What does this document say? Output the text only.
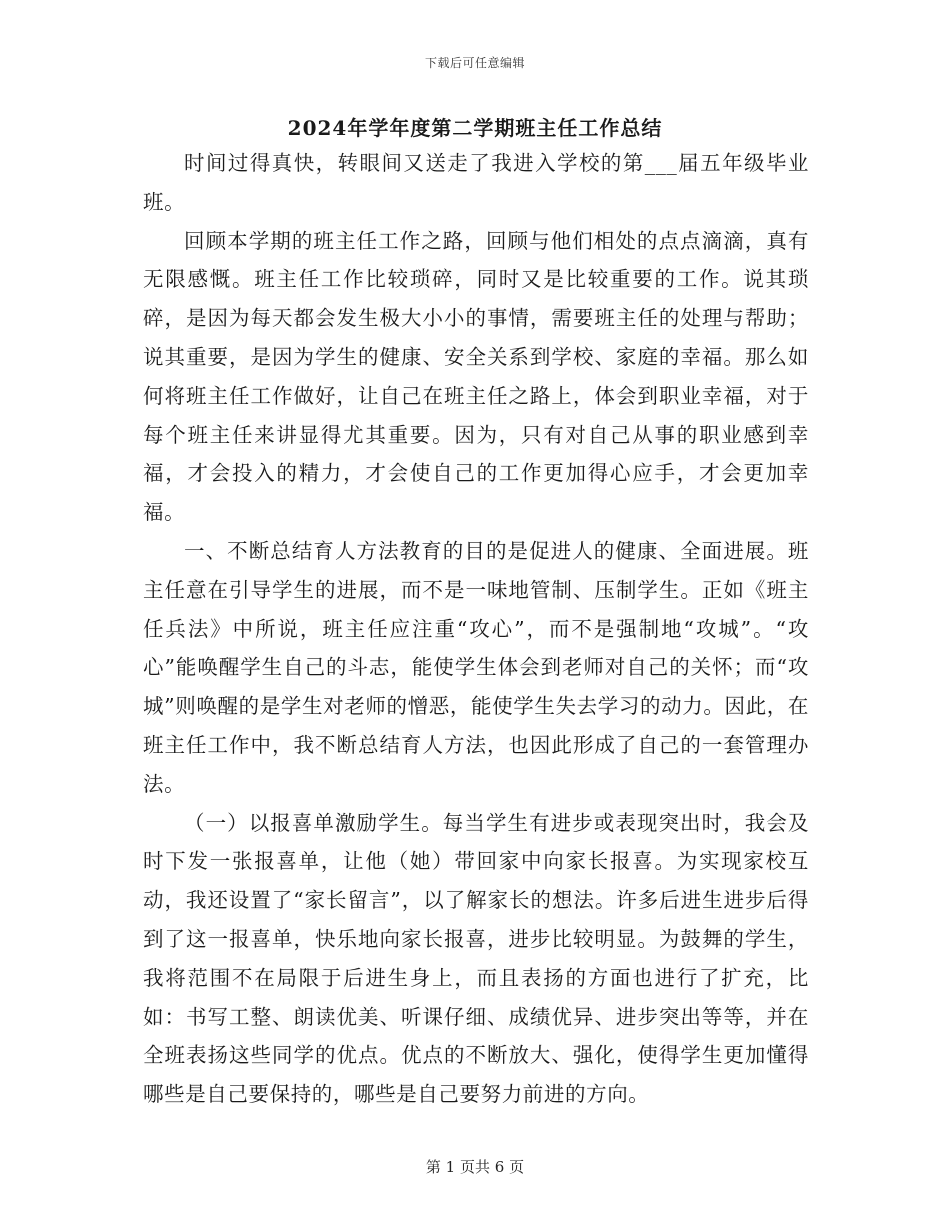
下载后可任意编辑
2024年学年度第二学期班主任工作总结

时间过得真快，转眼间又送走了我进入学校的第___届五年级毕业班。

回顾本学期的班主任工作之路，回顾与他们相处的点点滴滴，真有无限感慨。班主任工作比较琐碎，同时又是比较重要的工作。说其琐碎，是因为每天都会发生极大小小的事情，需要班主任的处理与帮助；说其重要，是因为学生的健康、安全关系到学校、家庭的幸福。那么如何将班主任工作做好，让自己在班主任之路上，体会到职业幸福，对于每个班主任来讲显得尤其重要。因为，只有对自己从事的职业感到幸福，才会投入的精力，才会使自己的工作更加得心应手，才会更加幸福。

一、不断总结育人方法教育的目的是促进人的健康、全面进展。班主任意在引导学生的进展，而不是一味地管制、压制学生。正如《班主任兵法》中所说，班主任应注重“攻心”，而不是强制地“攻城”。“攻心”能唤醒学生自己的斗志，能使学生体会到老师对自己的关怀；而“攻城”则唤醒的是学生对老师的憎恶，能使学生失去学习的动力。因此，在班主任工作中，我不断总结育人方法，也因此形成了自己的一套管理办法。

（一）以报喜单激励学生。每当学生有进步或表现突出时，我会及时下发一张报喜单，让他（她）带回家中向家长报喜。为实现家校互动，我还设置了“家长留言”，以了解家长的想法。许多后进生进步后得到了这一报喜单，快乐地向家长报喜，进步比较明显。为鼓舞的学生，我将范围不在局限于后进生身上，而且表扬的方面也进行了扩充，比如：书写工整、朗读优美、听课仔细、成绩优异、进步突出等等，并在全班表扬这些同学的优点。优点的不断放大、强化，使得学生更加懂得哪些是自己要保持的，哪些是自己要努力前进的方向。

第 1 页共 6 页
